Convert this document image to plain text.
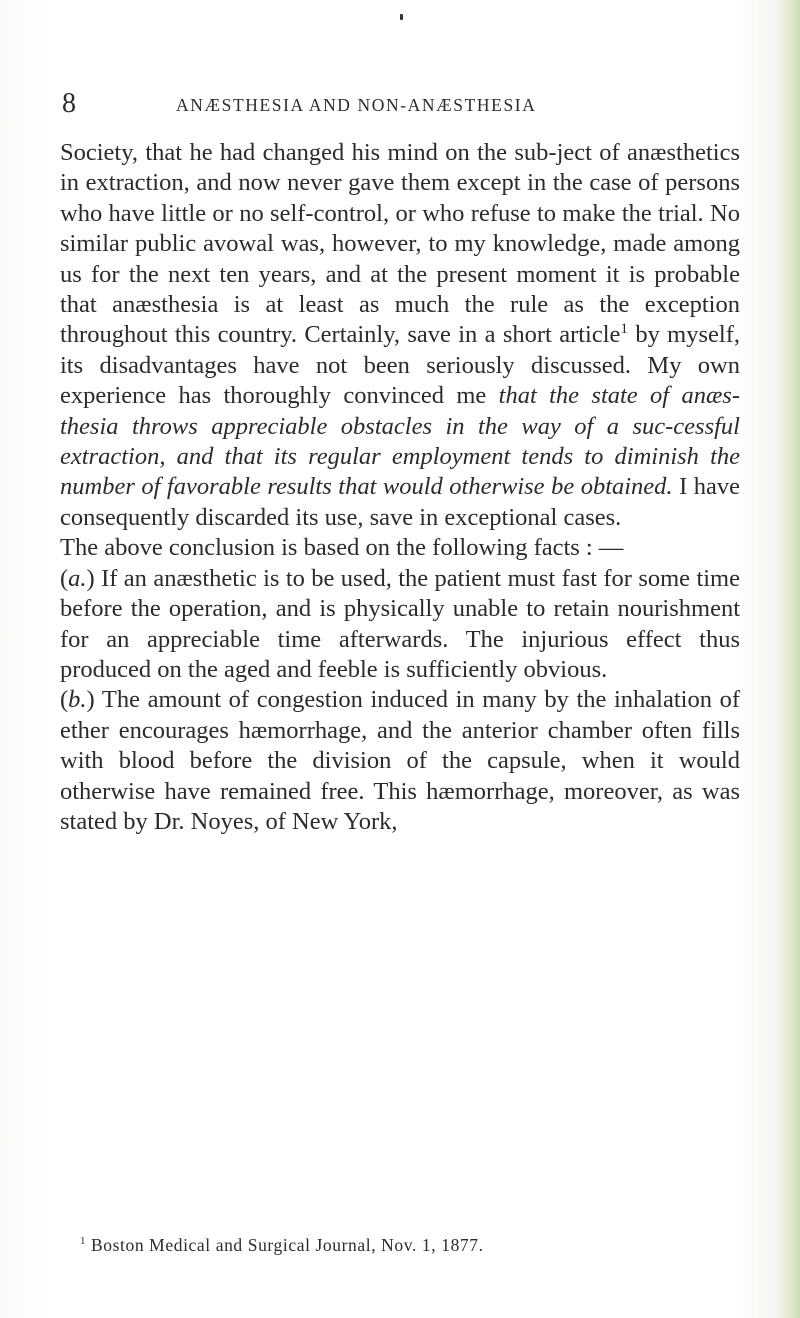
8	ANÆSTHESIA AND NON-ANÆSTHESIA

Society, that he had changed his mind on the sub-ject of anæsthetics in extraction, and now never gave them except in the case of persons who have little or no self-control, or who refuse to make the trial. No similar public avowal was, however, to my knowledge, made among us for the next ten years, and at the present moment it is probable that anæsthesia is at least as much the rule as the exception throughout this country. Certainly, save in a short article$^1$ by myself, its disadvantages have not been seriously discussed. My own experience has thoroughly convinced me that the state of anæs-thesia throws appreciable obstacles in the way of a suc-cessful extraction, and that its regular employment tends to diminish the number of favorable results that would otherwise be obtained. I have consequently discarded its use, save in exceptional cases.

The above conclusion is based on the following facts : —

(a.) If an anæsthetic is to be used, the patient must fast for some time before the operation, and is physically unable to retain nourishment for an appreciable time afterwards. The injurious effect thus produced on the aged and feeble is sufficiently obvious.

(b.) The amount of congestion induced in many by the inhalation of ether encourages hæmorrhage, and the anterior chamber often fills with blood before the division of the capsule, when it would otherwise have remained free. This hæmorrhage, moreover, as was stated by Dr. Noyes, of New York,

$^1$ Boston Medical and Surgical Journal, Nov. 1, 1877.
